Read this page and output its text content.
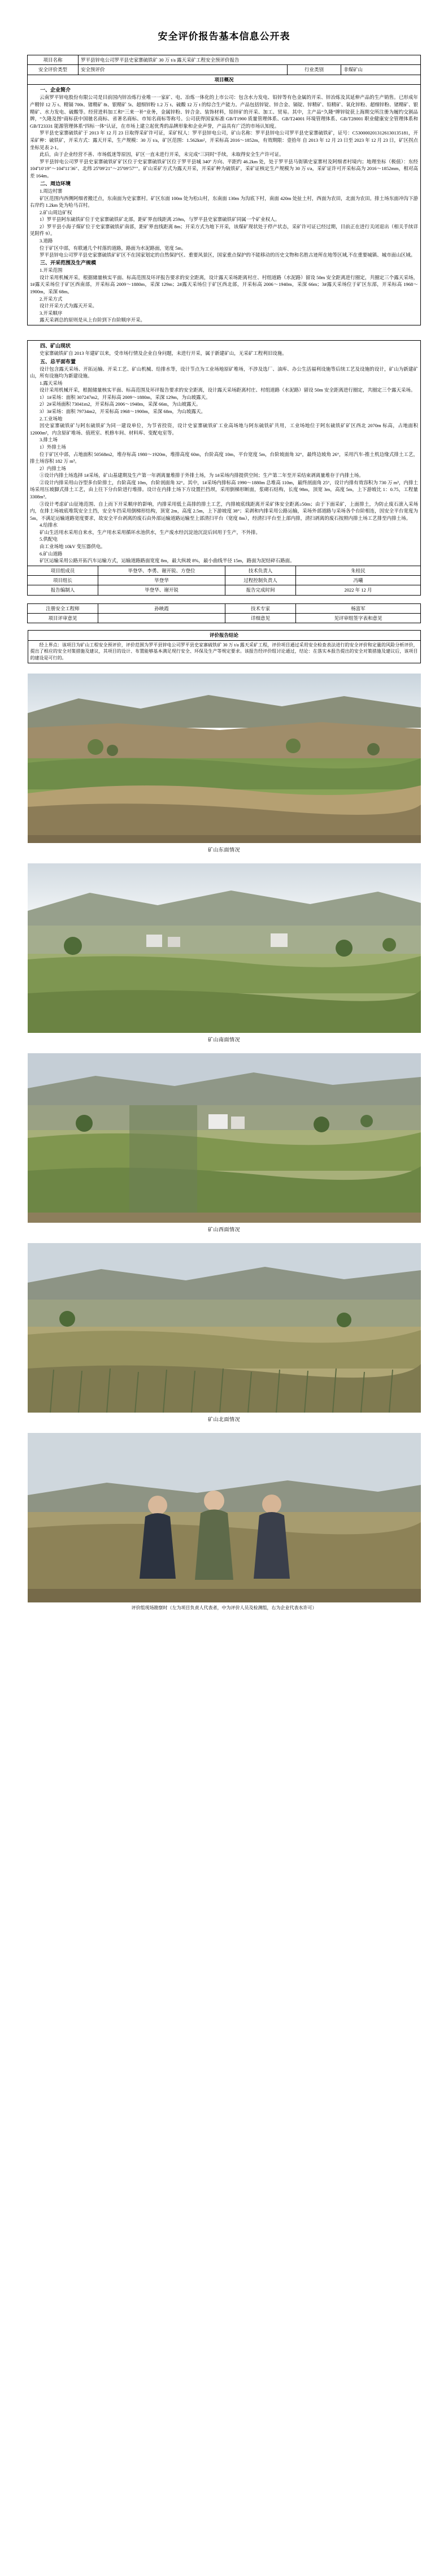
安全评价报告基本信息公开表
项目名称	罗平县锌电公司罗平县史家寨硫铁矿 30 万 t/a 露天采矿工程安全预评价报告		
安全评价类型	安全预评价	行业类别	非煤矿山
项目概况			

一、企业简介

云南罗平锌电股份有限公司是目前国内锌冶炼行业唯一一家矿、电、冶炼一体化的上市公司：包含水力发电、铅锌等有色金属的开采、锌冶炼及其延伸产品的生产销售。已形成年产精锌 12 万 t、精镉 700t、锗精矿 8t、银精矿 5t、超细锌粉 1.2 万 t、硫酸 12 万 t 的综合生产能力。产品包括锌锭、锌合金、镉锭、锌精矿、铅精矿、氧化锌粉、超细锌粉、锗精矿、银精矿、水力发电、硫酸等。经营进料加工和“三来一补”业务，金属锌粉、锌合金、装饰材料，铅锌矿的开采、加工、贸易。其中，主产品“久隆”牌锌锭获上海期交所注册为履约交割品牌，“久隆及图”商标获中国驰名商标、省著名商标、市知名商标等称号。公司获得国家标准 GB/T1900 质量管理体系、GB/T24001 环境管理体系、GB/T28001 职业健康安全管理体系和 GB/T23331 能源管理体系“四标一体”认证，在市场上建立起优秀的品牌形象和企业声誉，产品具有广泛的市场认知度。

罗平县史家寨硫铁矿于 2013 年 12 月 23 日取得采矿许可证，采矿权人：罗平县锌电公司，矿山名称：罗平县锌电公司罗平县史家寨硫铁矿，证号：C5300002013126130135181，开采矿种：硫铁矿，开采方式：露天开采，生产规模：30 万 t/a，矿区范围：1.562km²，开采标高 2016～1852m，有效期限：壹拾年 自 2013 年 12 月 23 日至 2023 年 12 月 23 日，矿区拐点坐标见表 2-1。

此后，由于企业经营不善、市场低迷等原因，矿区一直未进行开采，未完成“三同时”手续，未取得安全生产许可证。

罗平县锌电公司罗平县史家寨硫铁矿矿区位于史家寨硫铁矿区位于罗平县城 340º 方向、平距约 46.2km 处，处于罗平县马街镇史家寨村及阿细者村境内；地理坐标（极值）：东经 104º10′19″～104º11′36″、北纬 25º09′21″～25º09′57″″。矿山采矿方式为露天开采，开采矿种为硫铁矿，采矿证核定生产规模为 30 万 t/a，采矿证许可开采标高为 2016～1852mm，相对高差 164m。

二、周边环境

1.周边村寨

矿区范围内西侧阿细者搬迁点，东南面为史家寨村。矿区东面 100m 处为松山村，东南面 130m 为沟底下村，南面 420m 处扯土村，西面为农田，北面为农田。排土场东面冲沟下游右岸约 1.2km 处为哈马召村。

2.矿山周边矿权

1）罗平县阿东硫铁矿位于史家寨硫铁矿北部，距矿界直线距离 259m，与罗平县史家寨硫铁矿同属一个矿业权人。

2）罗平县小海子煤矿位于史家寨硫铁矿南部，距矿界直线距离 8m；开采方式为地下开采，该煤矿现状处于停产状态，采矿许可证已经过期，目前正在进行关闭退出（相关手续详见附件 9）。

3.道路

位于矿区中部，有联通几个村落的道路，路面为水泥路面，宽度 5m。

罗平县锌电公司罗平县史家寨硫铁矿矿区不在国家划定的自然保护区、重要风景区，国家重点保护的不能移动的历史文物和名胜古迹所在地等区域,不在重要城镇、城市面山区域。

三、开采范围及生产规模

1.开采范围

设计采用机械开采，根据储量核实平面、标高范围及环评报告要求的安全距离，设计露天采场距离村庄、村组道路（水泥路）留设 50m 安全距离进行圈定，共圈定三个露天采场，1#露天采场位于矿区西南部，开采标高 2009～1880m，采深 129m；2#露天采场位于矿区西北部，开采标高 2006～1940m，采深 66m；3#露天采场位于矿区东部，开采标高 1968～1900m，采深 68m。

2.开采方式

设计开采方式为露天开采。

3.开采顺序

露天采剥总的原则是从上台阶到下台阶顺序开采。

四、矿山现状

史家寨硫铁矿自 2013 年建矿以来，受市场行情及企业自身问题，未进行开采，属于新建矿山，无采矿工程利旧设施。

五、总平面布置

设计包含露天采场、开拓运输、开采工艺、矿山机械、给排水等，设计节点为工业场地原矿堆场，不涉及选厂、油库、办公生活福利设施等后续工艺及设施的设计，矿山为新建矿山，所有设施均为新建设施。

1.露天采场

设计采用机械开采，根据储量核实平面、标高范围及环评报告要求的安全距离，设计露天采场距离村庄、村组道路（水泥路）留设 50m 安全距离进行圈定，共圈定三个露天采场。

1）1#采场：面积 307247m2，开采标高 2009～1880m，采深 129m，为山坡露天。

2）2#采场面积 73041m2，开采标高 2006～1940m，采深 66m，为山坡露天。

3）3#采场：面积 79734m2，开采标高 1968～1900m，采深 68m，为山坡露天。

2.工业场地

因史家寨硫铁矿与阿东硫铁矿为同一建设单位，为节省投资，设计史家寨硫铁矿工业高场地与阿东硫铁矿共用，工业场地位于阿东硫铁矿矿区西北 2070m 标高，占地面积 12000m²，内含原矿堆场、值班室、机修车间、材料库、变配电室等。

3.排土场

1）外排土场

位于矿区中部，占地面积 50568m2，堆存标高 1980～1920m，堆排高度 60m，台阶高度 10m，平台宽度 5m，台阶坡面角 32°，最终边坡角 26°，采用汽车-推土机边缘式排土工艺，排土场容积 182 万 m³。

2）内排土场

①设计内排土场选择 1#采场，矿山基建期及生产第一年剥离量堆排于外排土场，为 1#采场内排提供空间；生产第二年至开采结束剥离量堆存于内排土场。

②设计内排采用山谷型多台阶排土，台阶高度 10m，台阶剖面角 32°。其中，1#采场内排标高 1990～1880m 总堆高 110m，最终剖面角 25°，设计内排有效容积为 730 万 m³，内排土场采用压坡脚式排土工艺，由上往下分台阶进行堆排。设计在内排土场下方设置拦挡坝，采用倒梯形断面，浆砌石结构，长度 98m，顶宽 3m，高度 5m，上下游坡比 1：0.75，工程量 3308m³。

③设计考虑矿山征地范围、自上而下开采顺序的影响，内排采用低土高排的排土工艺，内排坡底线距离开采矿体安全距离≥50m；由于下面采矿，上面排土，为防止废石滚入采场内，在排土场坡底堆筑安全土挡，安全车挡采用倒梯形结构，顶宽 2m，高度 2.5m，上下游坡度 38°；采剥和内排采用公路运输，采场外部道路与采场各个台阶相连，因安全平台宽度为 5m，不满足运输道路宽度要求，故安全平台剥离的废石由外部运输道路运输至上部清扫平台（宽度 8m），经清扫平台至上部内排，清扫剥离的废石按照内排土场工艺排至内排土场。

4.给排水

矿山生活用水采用自来水，生产用水采用循环水池供水，生产废水经沉淀池沉淀后回用于生产，不外排。

5.供配电

由工业场地 10kV 变压器供电。

6.矿山道路

矿区运输采用公路开拓汽车运输方式，运输道路路面宽度 8m，最大纵坡 8%，最小曲线半径 15m，路面为泥结碎石路面。

项目组成员	毕登华、李勇、谢开锐、方登位	技术负责人	朱桂民
项目组长	毕登华	过程控制负责人	冯曦
报告编制人	毕登华、谢开锐	报告完成时间	2022 年 12 月
注册安全工程师	孙映霞	技术专家	杨富军
项目评审意见		详细意见	见评审组签字表和意见
评价报告结论

经上界点：该项目为矿山工程安全预评价，评价范围为罗平县锌电公司罗平县史家寨硫铁矿 30 万 t/a 露天采矿工程，评价项目通过采用安全检查表法进行的安全评价和定量的风险分析评价，提出了相应的安全对策措施及建议，其项目的设计、布置能够基本满足现行安全、环保及生产等规定要求。该报告经评价组讨论通过，结论：在落实本报告提出的安全对策措施及建议后，该项目的建设是可行的。

矿山东面情况
矿山南面情况
矿山西面情况
矿山北面情况
评价组现场勘察时（左为项目负责人代表者，中为评价人员及检测组，右为企业代表水许可）
